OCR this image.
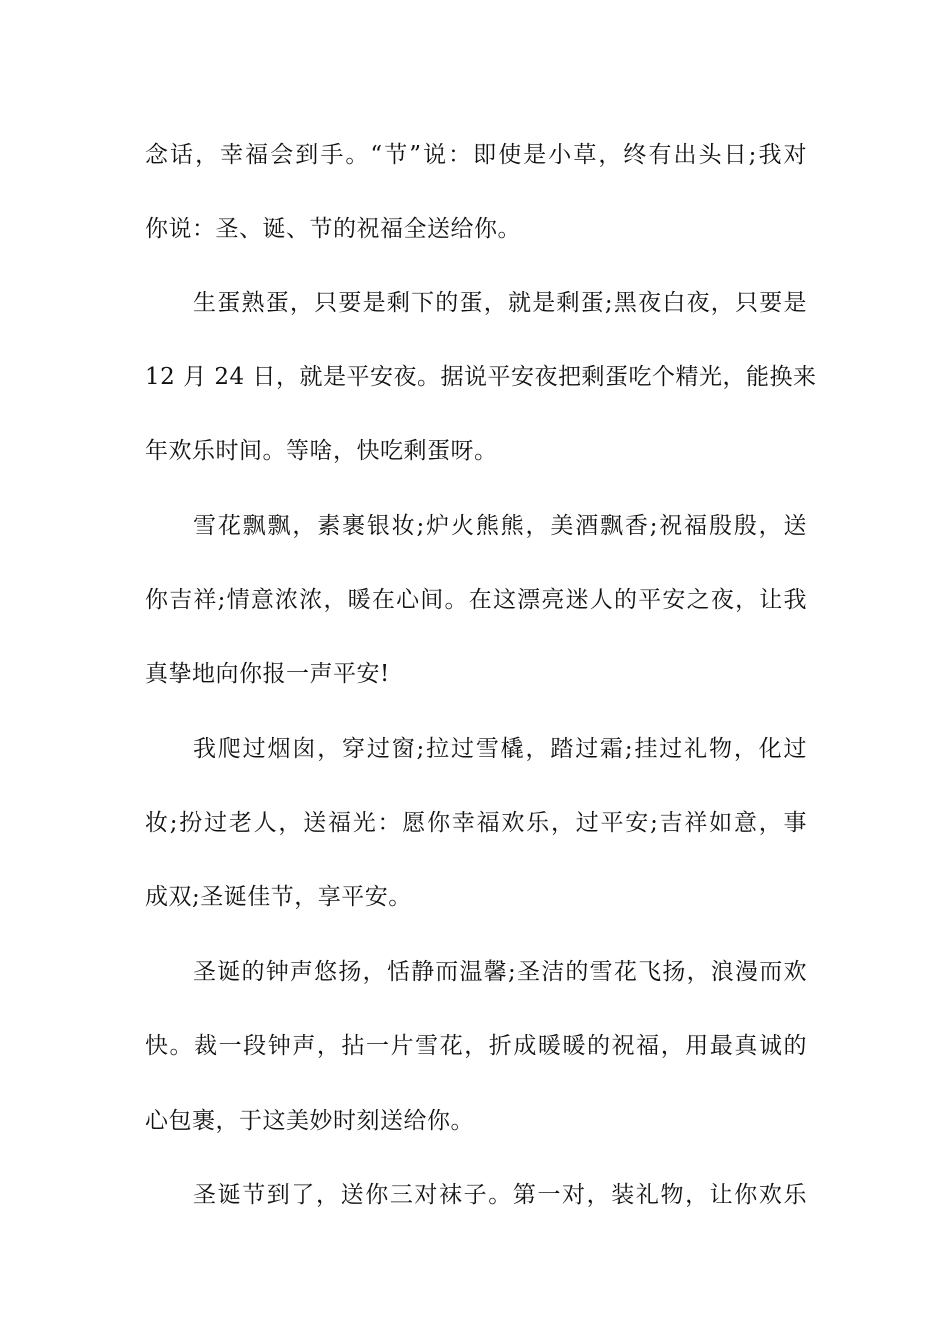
念话，幸福会到手。“节”说：即使是小草，终有出头日;我对
你说：圣、诞、节的祝福全送给你。
生蛋熟蛋，只要是剩下的蛋，就是剩蛋;黑夜白夜，只要是
12 月 24 日，就是平安夜。据说平安夜把剩蛋吃个精光，能换来
年欢乐时间。等啥，快吃剩蛋呀。
雪花飘飘，素裹银妆;炉火熊熊，美酒飘香;祝福殷殷，送
你吉祥;情意浓浓，暖在心间。在这漂亮迷人的平安之夜，让我
真挚地向你报一声平安!
我爬过烟囱，穿过窗;拉过雪橇，踏过霜;挂过礼物，化过
妆;扮过老人，送福光：愿你幸福欢乐，过平安;吉祥如意，事
成双;圣诞佳节，享平安。
圣诞的钟声悠扬，恬静而温馨;圣洁的雪花飞扬，浪漫而欢
快。裁一段钟声，拈一片雪花，折成暖暖的祝福，用最真诚的
心包裹，于这美妙时刻送给你。
圣诞节到了，送你三对袜子。第一对，装礼物，让你欢乐
